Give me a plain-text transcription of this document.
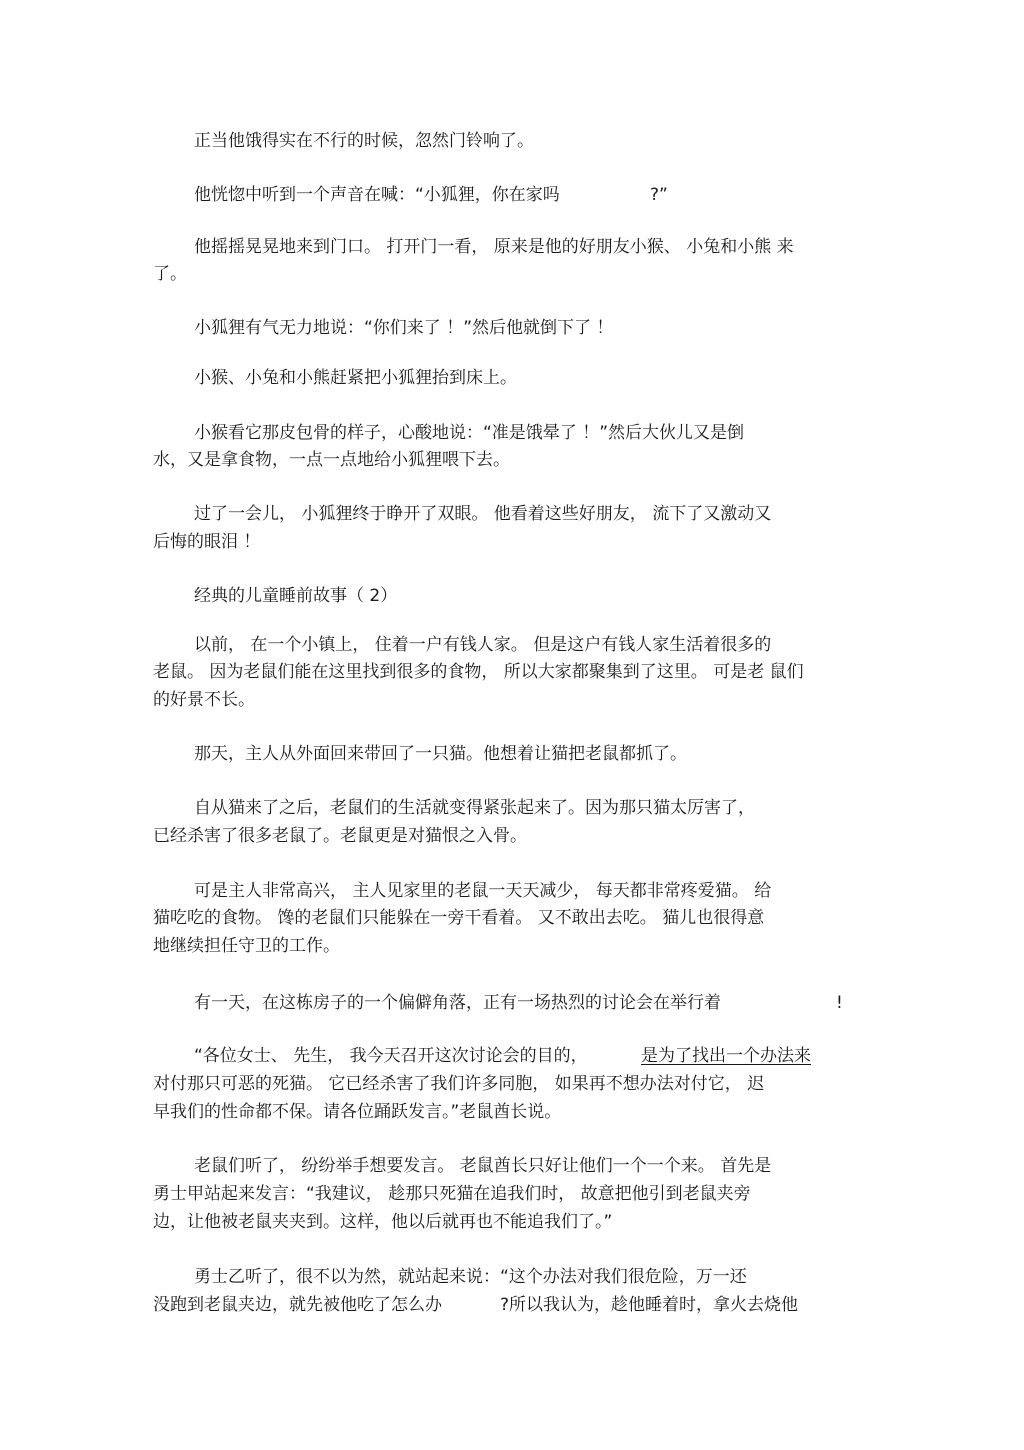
正当他饿得实在不行的时候，忽然门铃响了。

他恍惚中听到一个声音在喊：“小狐狸，你在家吗	?”

他摇摇晃晃地来到门口。 打开门一看， 原来是他的好朋友小猴、 小兔和小熊 来

了。

小狐狸有气无力地说：“你们来了 ！”然后他就倒下了 ！

小猴、小兔和小熊赶紧把小狐狸抬到床上。

小猴看它那皮包骨的样子，心酸地说：“准是饿晕了 ！”然后大伙儿又是倒

水，又是拿食物，一点一点地给小狐狸喂下去。

过了一会儿， 小狐狸终于睁开了双眼。 他看着这些好朋友， 流下了又激动又

后悔的眼泪 ！

经典的儿童睡前故事（ 2）

以前， 在一个小镇上， 住着一户有钱人家。 但是这户有钱人家生活着很多的

老鼠。 因为老鼠们能在这里找到很多的食物， 所以大家都聚集到了这里。 可是老 鼠们

的好景不长。

那天，主人从外面回来带回了一只猫。他想着让猫把老鼠都抓了。

自从猫来了之后，老鼠们的生活就变得紧张起来了。因为那只猫太厉害了，

已经杀害了很多老鼠了。老鼠更是对猫恨之入骨。

可是主人非常高兴， 主人见家里的老鼠一天天减少， 每天都非常疼爱猫。 给

猫吃吃的食物。 馋的老鼠们只能躲在一旁干看着。 又不敢出去吃。 猫儿也很得意

地继续担任守卫的工作。

有一天，在这栋房子的一个偏僻角落，正有一场热烈的讨论会在举行着	!

“各位女士、 先生， 我今天召开这次讨论会的目的，	是为了找出一个办法来

对付那只可恶的死猫。 它已经杀害了我们许多同胞， 如果再不想办法对付它， 迟

早我们的性命都不保。请各位踊跃发言。”老鼠酋长说。

老鼠们听了， 纷纷举手想要发言。 老鼠酋长只好让他们一个一个来。 首先是

勇士甲站起来发言：“我建议， 趁那只死猫在追我们时， 故意把他引到老鼠夹旁

边，让他被老鼠夹夹到。这样，他以后就再也不能追我们了。”

勇士乙听了，很不以为然，就站起来说：“这个办法对我们很危险，万一还

没跑到老鼠夹边，就先被他吃了怎么办	?所以我认为，趁他睡着时，拿火去烧他
